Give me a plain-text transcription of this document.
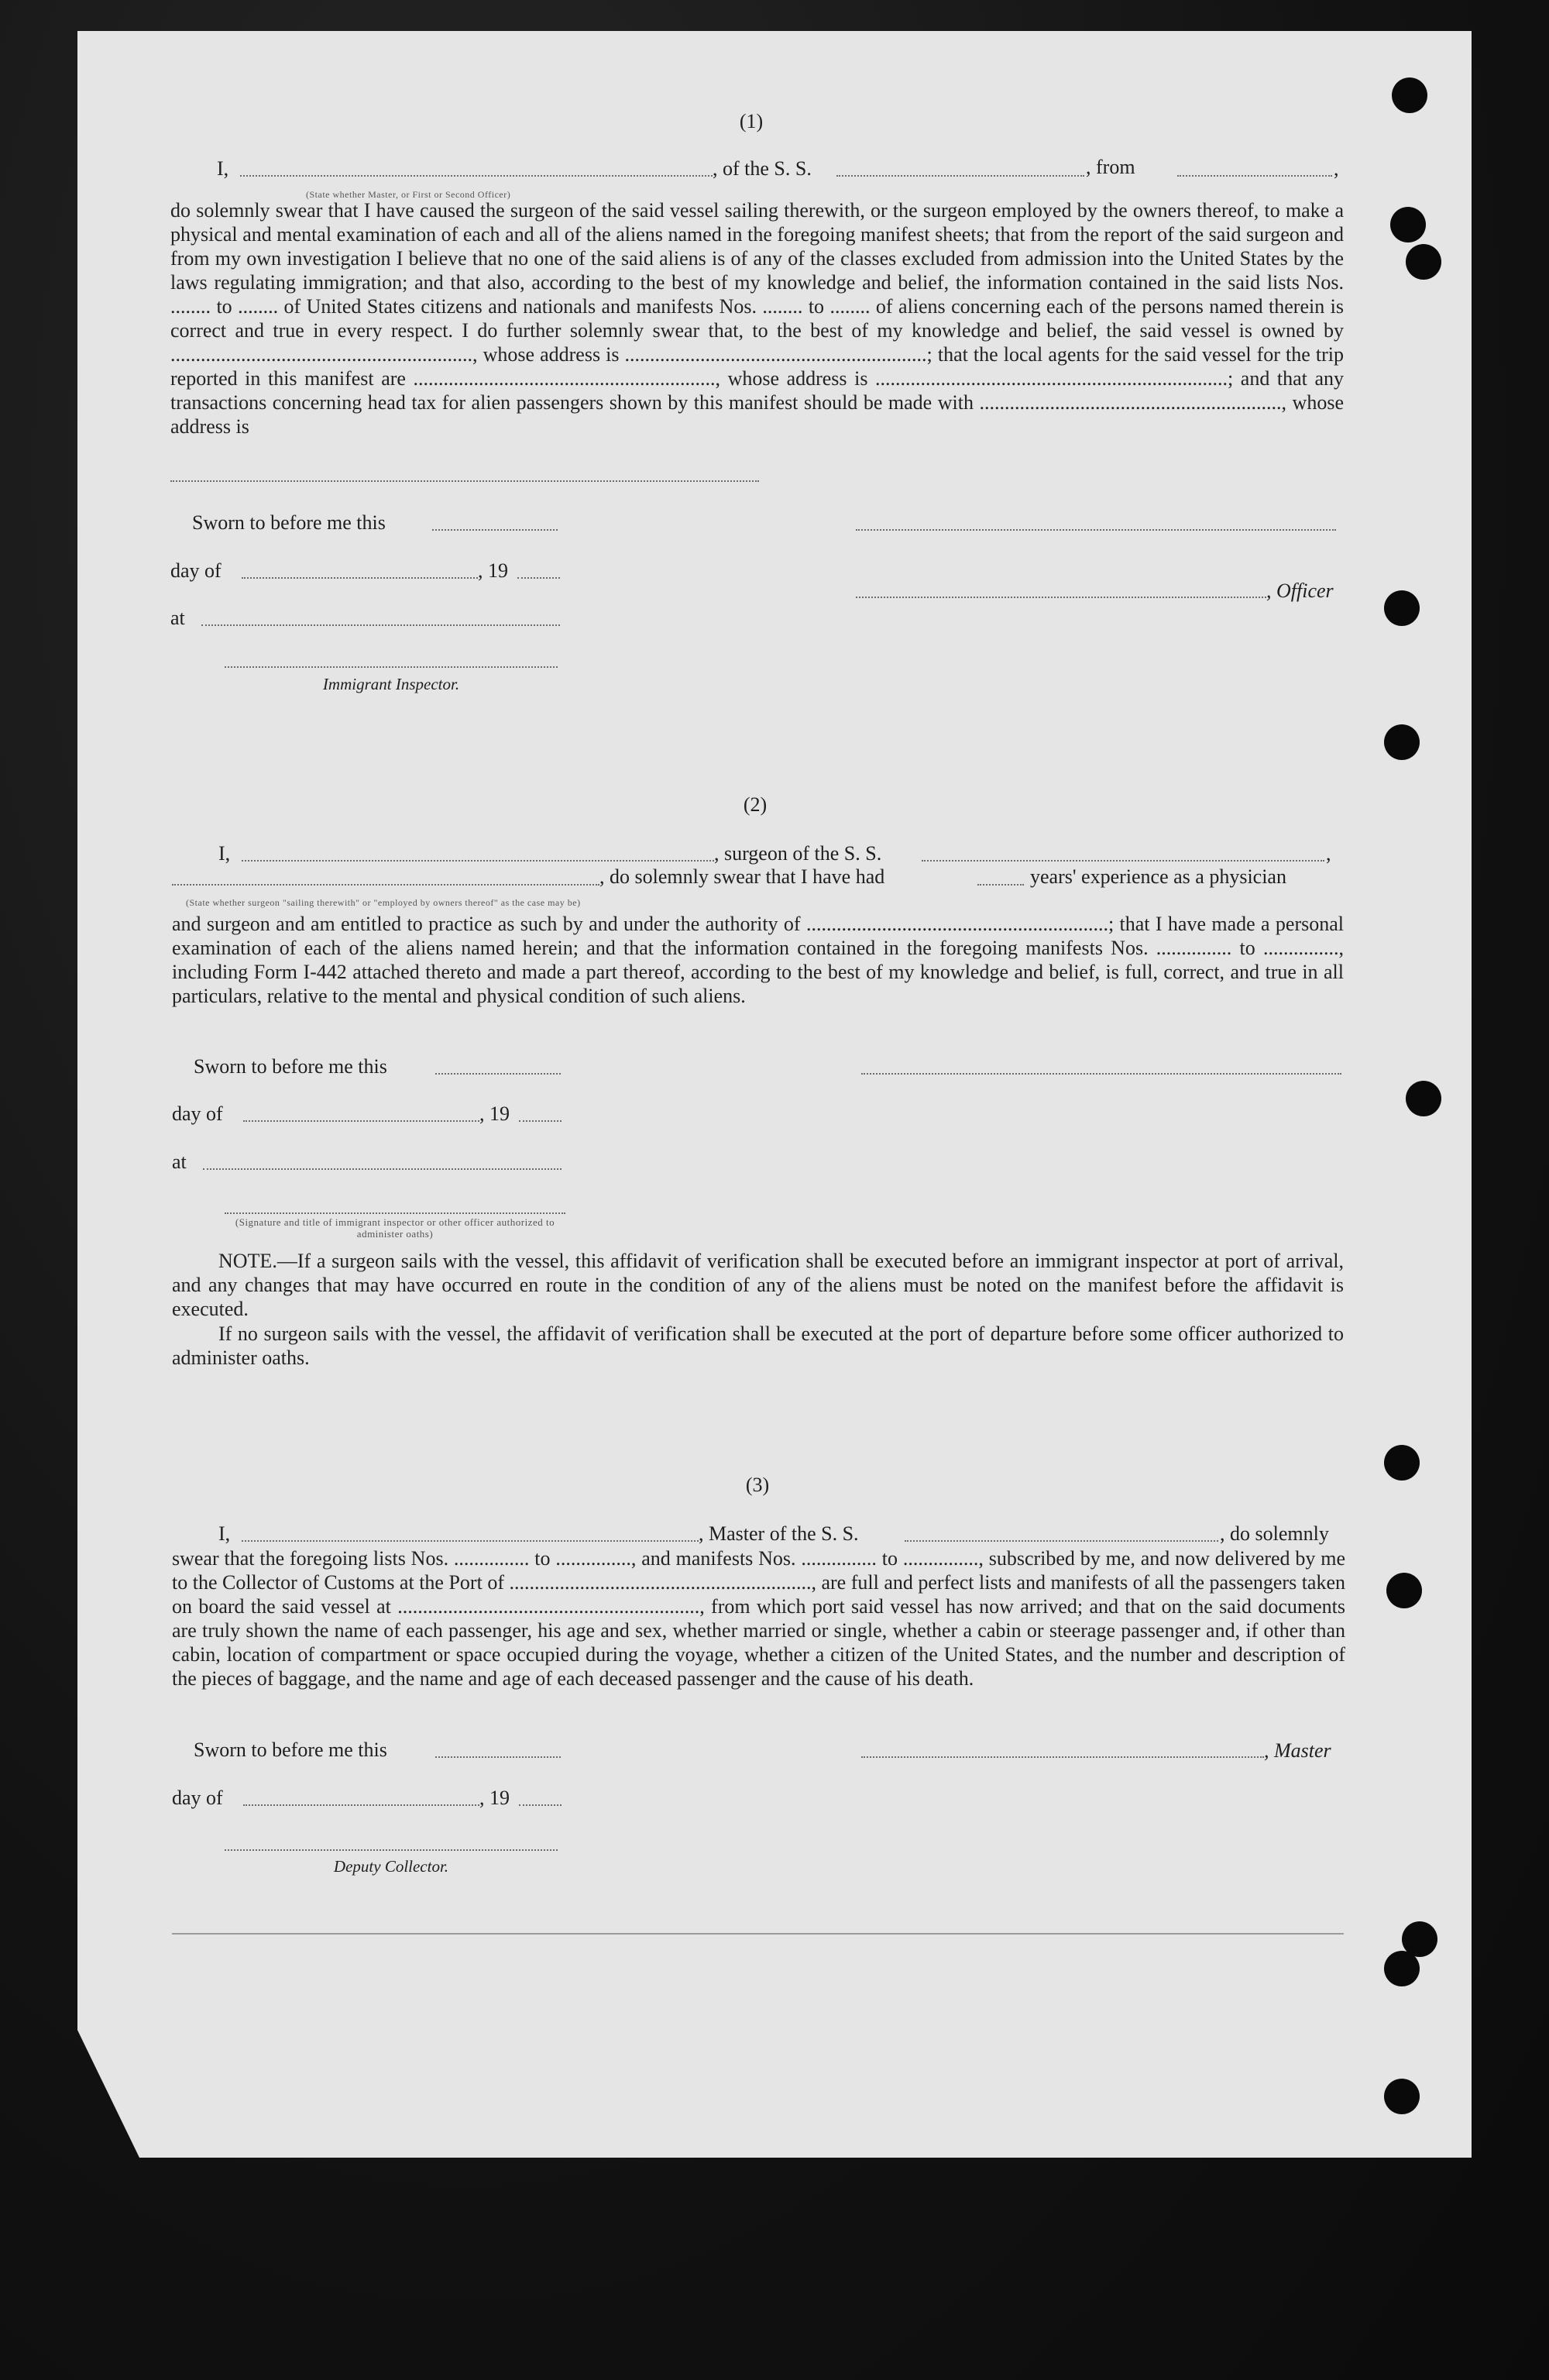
(1)
I,	, of the S. S.	, from	,
(State whether Master, or First or Second Officer)
do solemnly swear that I have caused the surgeon of the said vessel sailing therewith, or the surgeon employed by the owners thereof, to make a physical and mental examination of each and all of the aliens named in the foregoing manifest sheets; that from the report of the said surgeon and from my own investigation I believe that no one of the said aliens is of any of the classes excluded from admission into the United States by the laws regulating immigration; and that also, according to the best of my knowledge and belief, the information contained in the said lists Nos. ........ to ........ of United States citizens and nationals and manifests Nos. ........ to ........ of aliens concerning each of the persons named therein is correct and true in every respect. I do further solemnly swear that, to the best of my knowledge and belief, the said vessel is owned by ............................................................, whose address is ............................................................; that the local agents for the said vessel for the trip reported in this manifest are ............................................................, whose address is ......................................................................; and that any transactions concerning head tax for alien passengers shown by this manifest should be made with ............................................................, whose address is
Sworn to before me this
day of	, 19
, Officer
at
Immigrant Inspector.
(2)
I,	, surgeon of the S. S.	,
, do solemnly swear that I have had	years' experience as a physician
(State whether surgeon "sailing therewith" or "employed by owners thereof" as the case may be)
and surgeon and am entitled to practice as such by and under the authority of ............................................................; that I have made a personal examination of each of the aliens named herein; and that the information contained in the foregoing manifests Nos. ............... to ..............., including Form I-442 attached thereto and made a part thereof, according to the best of my knowledge and belief, is full, correct, and true in all particulars, relative to the mental and physical condition of such aliens.
Sworn to before me this
day of	, 19
at
(Signature and title of immigrant inspector or other officer authorized to administer oaths)
NOTE.—If a surgeon sails with the vessel, this affidavit of verification shall be executed before an immigrant inspector at port of arrival, and any changes that may have occurred en route in the condition of any of the aliens must be noted on the manifest before the affidavit is executed.
If no surgeon sails with the vessel, the affidavit of verification shall be executed at the port of departure before some officer authorized to administer oaths.
(3)
I,	, Master of the S. S.	, do solemnly
swear that the foregoing lists Nos. ............... to ..............., and manifests Nos. ............... to ..............., subscribed by me, and now delivered by me to the Collector of Customs at the Port of ............................................................, are full and perfect lists and manifests of all the passengers taken on board the said vessel at ............................................................, from which port said vessel has now arrived; and that on the said documents are truly shown the name of each passenger, his age and sex, whether married or single, whether a cabin or steerage passenger and, if other than cabin, location of compartment or space occupied during the voyage, whether a citizen of the United States, and the number and description of the pieces of baggage, and the name and age of each deceased passenger and the cause of his death.
Sworn to before me this	, Master
day of	, 19
Deputy Collector.
